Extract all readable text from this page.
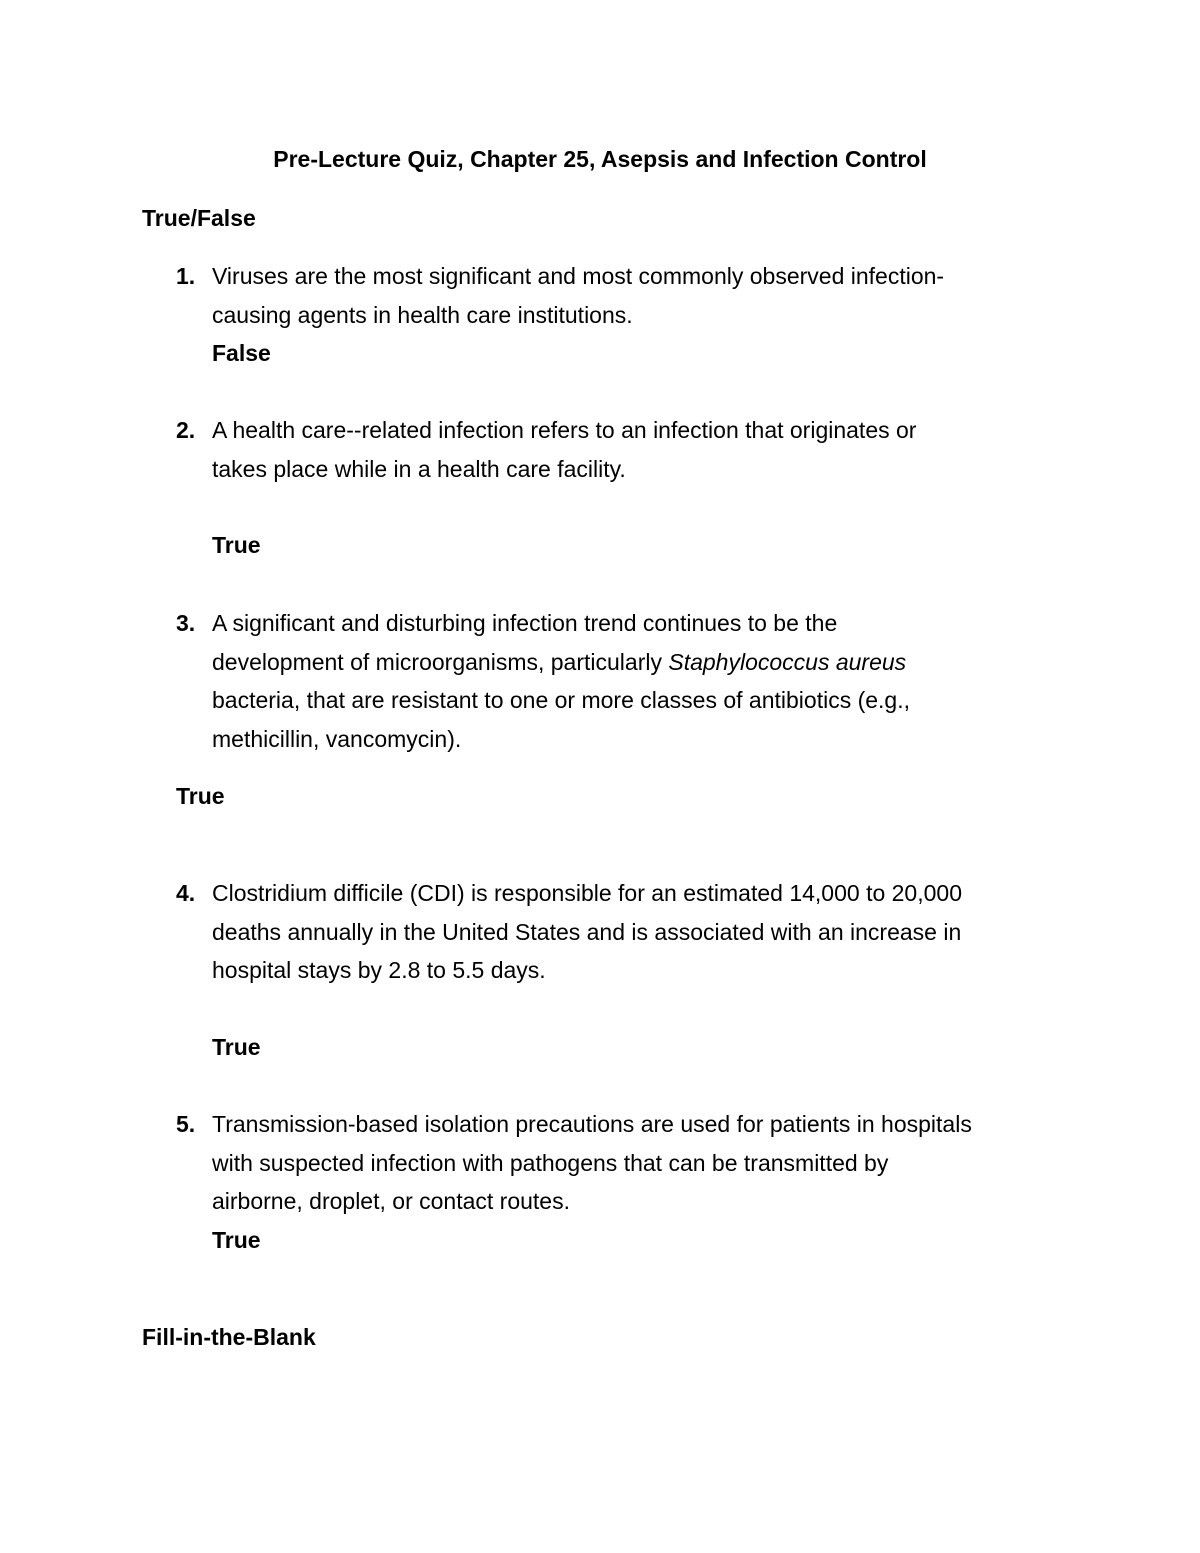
Pre-Lecture Quiz, Chapter 25, Asepsis and Infection Control
True/False
1. Viruses are the most significant and most commonly observed infection-
causing agents in health care institutions.
False
2. A health care--related infection refers to an infection that originates or
takes place while in a health care facility.
True
3. A significant and disturbing infection trend continues to be the
development of microorganisms, particularly Staphylococcus aureus
bacteria, that are resistant to one or more classes of antibiotics (e.g.,
methicillin, vancomycin).
True
4. Clostridium difficile (CDI) is responsible for an estimated 14,000 to 20,000
deaths annually in the United States and is associated with an increase in
hospital stays by 2.8 to 5.5 days.
True
5. Transmission-based isolation precautions are used for patients in hospitals
with suspected infection with pathogens that can be transmitted by
airborne, droplet, or contact routes.
True
Fill-in-the-Blank
